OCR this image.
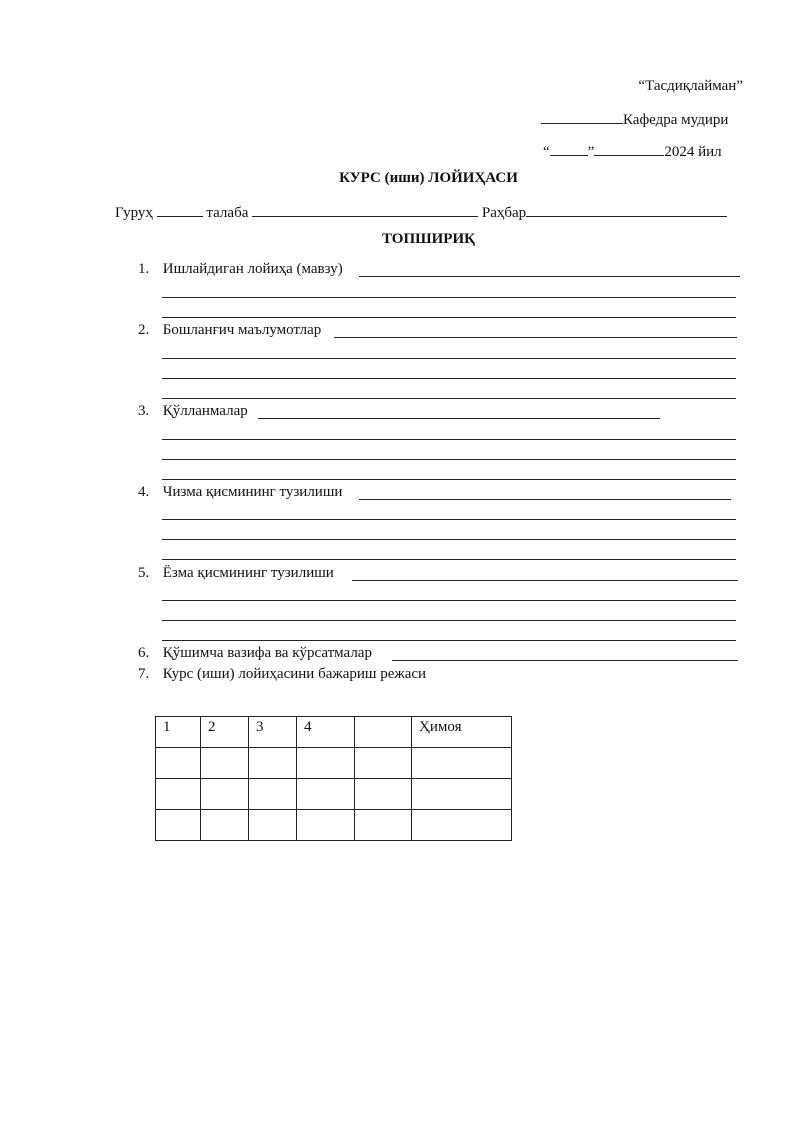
“Тасдиқлайман”
Кафедра мудири
“	”	2024 йил
КУРС (иши) ЛОЙИҲАСИ
Гуруҳ	талаба	Раҳбар
ТОПШИРИҚ
1. Ишлайдиган лойиҳа (мавзу)
2. Бошланғич маълумотлар
3. Қўлланмалар
4. Чизма қисмининг тузилиши
5. Ёзма қисмининг тузилиши
6. Қўшимча вазифа ва кўрсатмалар
7. Курс (иши) лойиҳасини бажариш режаси
1	2	3	4		Ҳимоя
